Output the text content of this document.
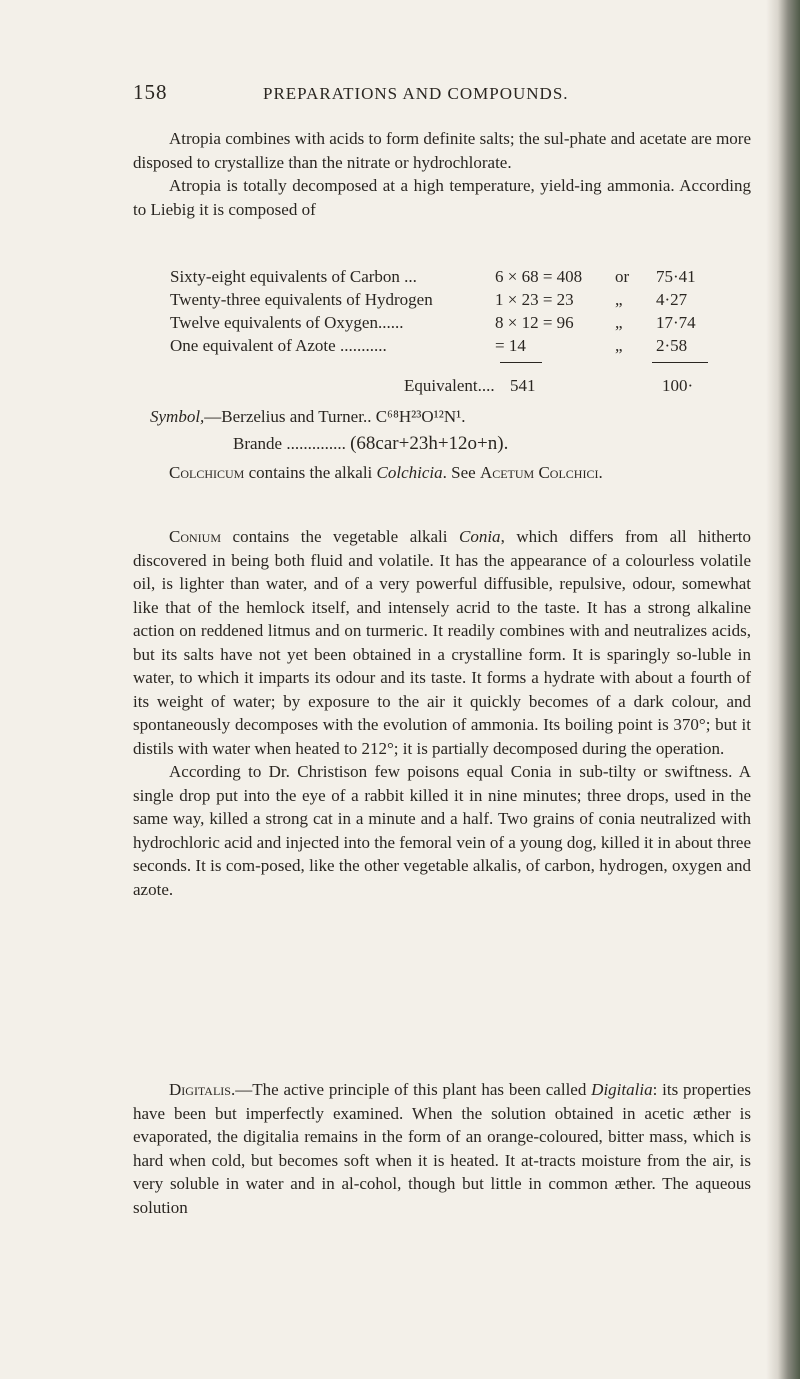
158	PREPARATIONS AND COMPOUNDS.

Atropia combines with acids to form definite salts; the sul-phate and acetate are more disposed to crystallize than the nitrate or hydrochlorate.

Atropia is totally decomposed at a high temperature, yield-ing ammonia. According to Liebig it is composed of

Sixty-eight equivalents of Carbon ...	6 × 68 = 408 or 75·41
Twenty-three equivalents of Hydrogen	1 × 23 = 23 „ 4·27
Twelve equivalents of Oxygen......	8 × 12 = 96 „ 17·74
One equivalent of Azote ...........	= 14	„ 2·58
Equivalent.... 541	100·
Symbol,—Berzelius and Turner.. C⁶⁸H²³O¹²N¹.
Brande .............. (68car+23h+12o+n).

Colchicum contains the alkali Colchicia. See Acetum Colchici.

Conium contains the vegetable alkali Conia, which differs from all hitherto discovered in being both fluid and volatile. It has the appearance of a colourless volatile oil, is lighter than water, and of a very powerful diffusible, repulsive, odour, somewhat like that of the hemlock itself, and intensely acrid to the taste. It has a strong alkaline action on reddened litmus and on turmeric. It readily combines with and neutralizes acids, but its salts have not yet been obtained in a crystalline form. It is sparingly so-luble in water, to which it imparts its odour and its taste. It forms a hydrate with about a fourth of its weight of water; by exposure to the air it quickly becomes of a dark colour, and spontaneously decomposes with the evolution of ammonia. Its boiling point is 370°; but it distils with water when heated to 212°; it is partially decomposed during the operation.

According to Dr. Christison few poisons equal Conia in sub-tilty or swiftness. A single drop put into the eye of a rabbit killed it in nine minutes; three drops, used in the same way, killed a strong cat in a minute and a half. Two grains of conia neutralized with hydrochloric acid and injected into the femoral vein of a young dog, killed it in about three seconds. It is com-posed, like the other vegetable alkalis, of carbon, hydrogen, oxygen and azote.

Digitalis.—The active principle of this plant has been called Digitalia: its properties have been but imperfectly examined. When the solution obtained in acetic æther is evaporated, the digitalia remains in the form of an orange-coloured, bitter mass, which is hard when cold, but becomes soft when it is heated. It at-tracts moisture from the air, is very soluble in water and in al-cohol, though but little in common æther. The aqueous solution
